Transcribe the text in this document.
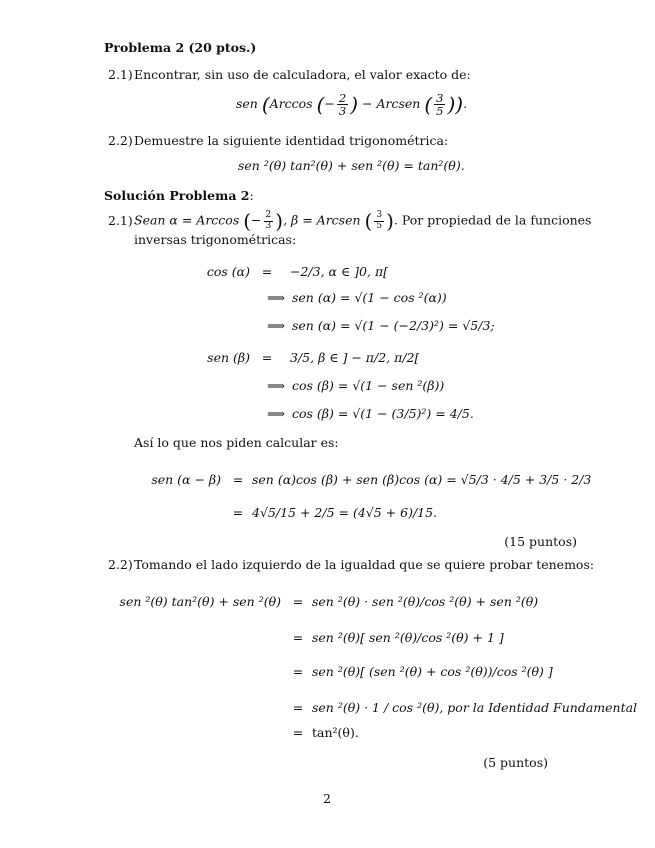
Problema 2 (20 ptos.)
2.1) Encontrar, sin uso de calculadora, el valor exacto de:
sen (Arccos (− $\frac{2}{3}$ ) − Arcsen ( $\frac{3}{5}$ )).
2.2) Demuestre la siguiente identidad trigonométrica:
sen ²(θ) tan²(θ) + sen ²(θ) = tan²(θ).
Solución Problema 2:
2.1) Sean α = Arccos (− $\frac{2}{3}$ ), β = Arcsen ( $\frac{3}{5}$ ). Por propiedad de la funciones
inversas trigonométricas:
cos (α) =	−2/3, α ∈ ]0, π[
⟹ sen (α) = √(1 − cos ²(α))
⟹ sen (α) = √(1 − (−2/3)²) = √5/3;
sen (β) =	3/5, β ∈ ] − π/2, π/2[
⟹ cos (β) = √(1 − sen ²(β))
⟹ cos (β) = √(1 − (3/5)²) = 4/5.
Así lo que nos piden calcular es:
sen (α − β) = sen (α)cos (β) + sen (β)cos (α) = √5/3 · 4/5 + 3/5 · 2/3
= 4√5/15 + 2/5 = (4√5 + 6)/15.
(15 puntos)
2.2) Tomando el lado izquierdo de la igualdad que se quiere probar tenemos:
sen ²(θ) tan²(θ) + sen ²(θ) = sen ²(θ) · sen ²(θ)/cos ²(θ) + sen ²(θ)
= sen ²(θ)[ sen ²(θ)/cos ²(θ) + 1 ]
= sen ²(θ)[ (sen ²(θ) + cos ²(θ))/cos ²(θ) ]
= sen ²(θ) · 1 / cos ²(θ), por la Identidad Fundamental
= tan²(θ).
(5 puntos)
2
